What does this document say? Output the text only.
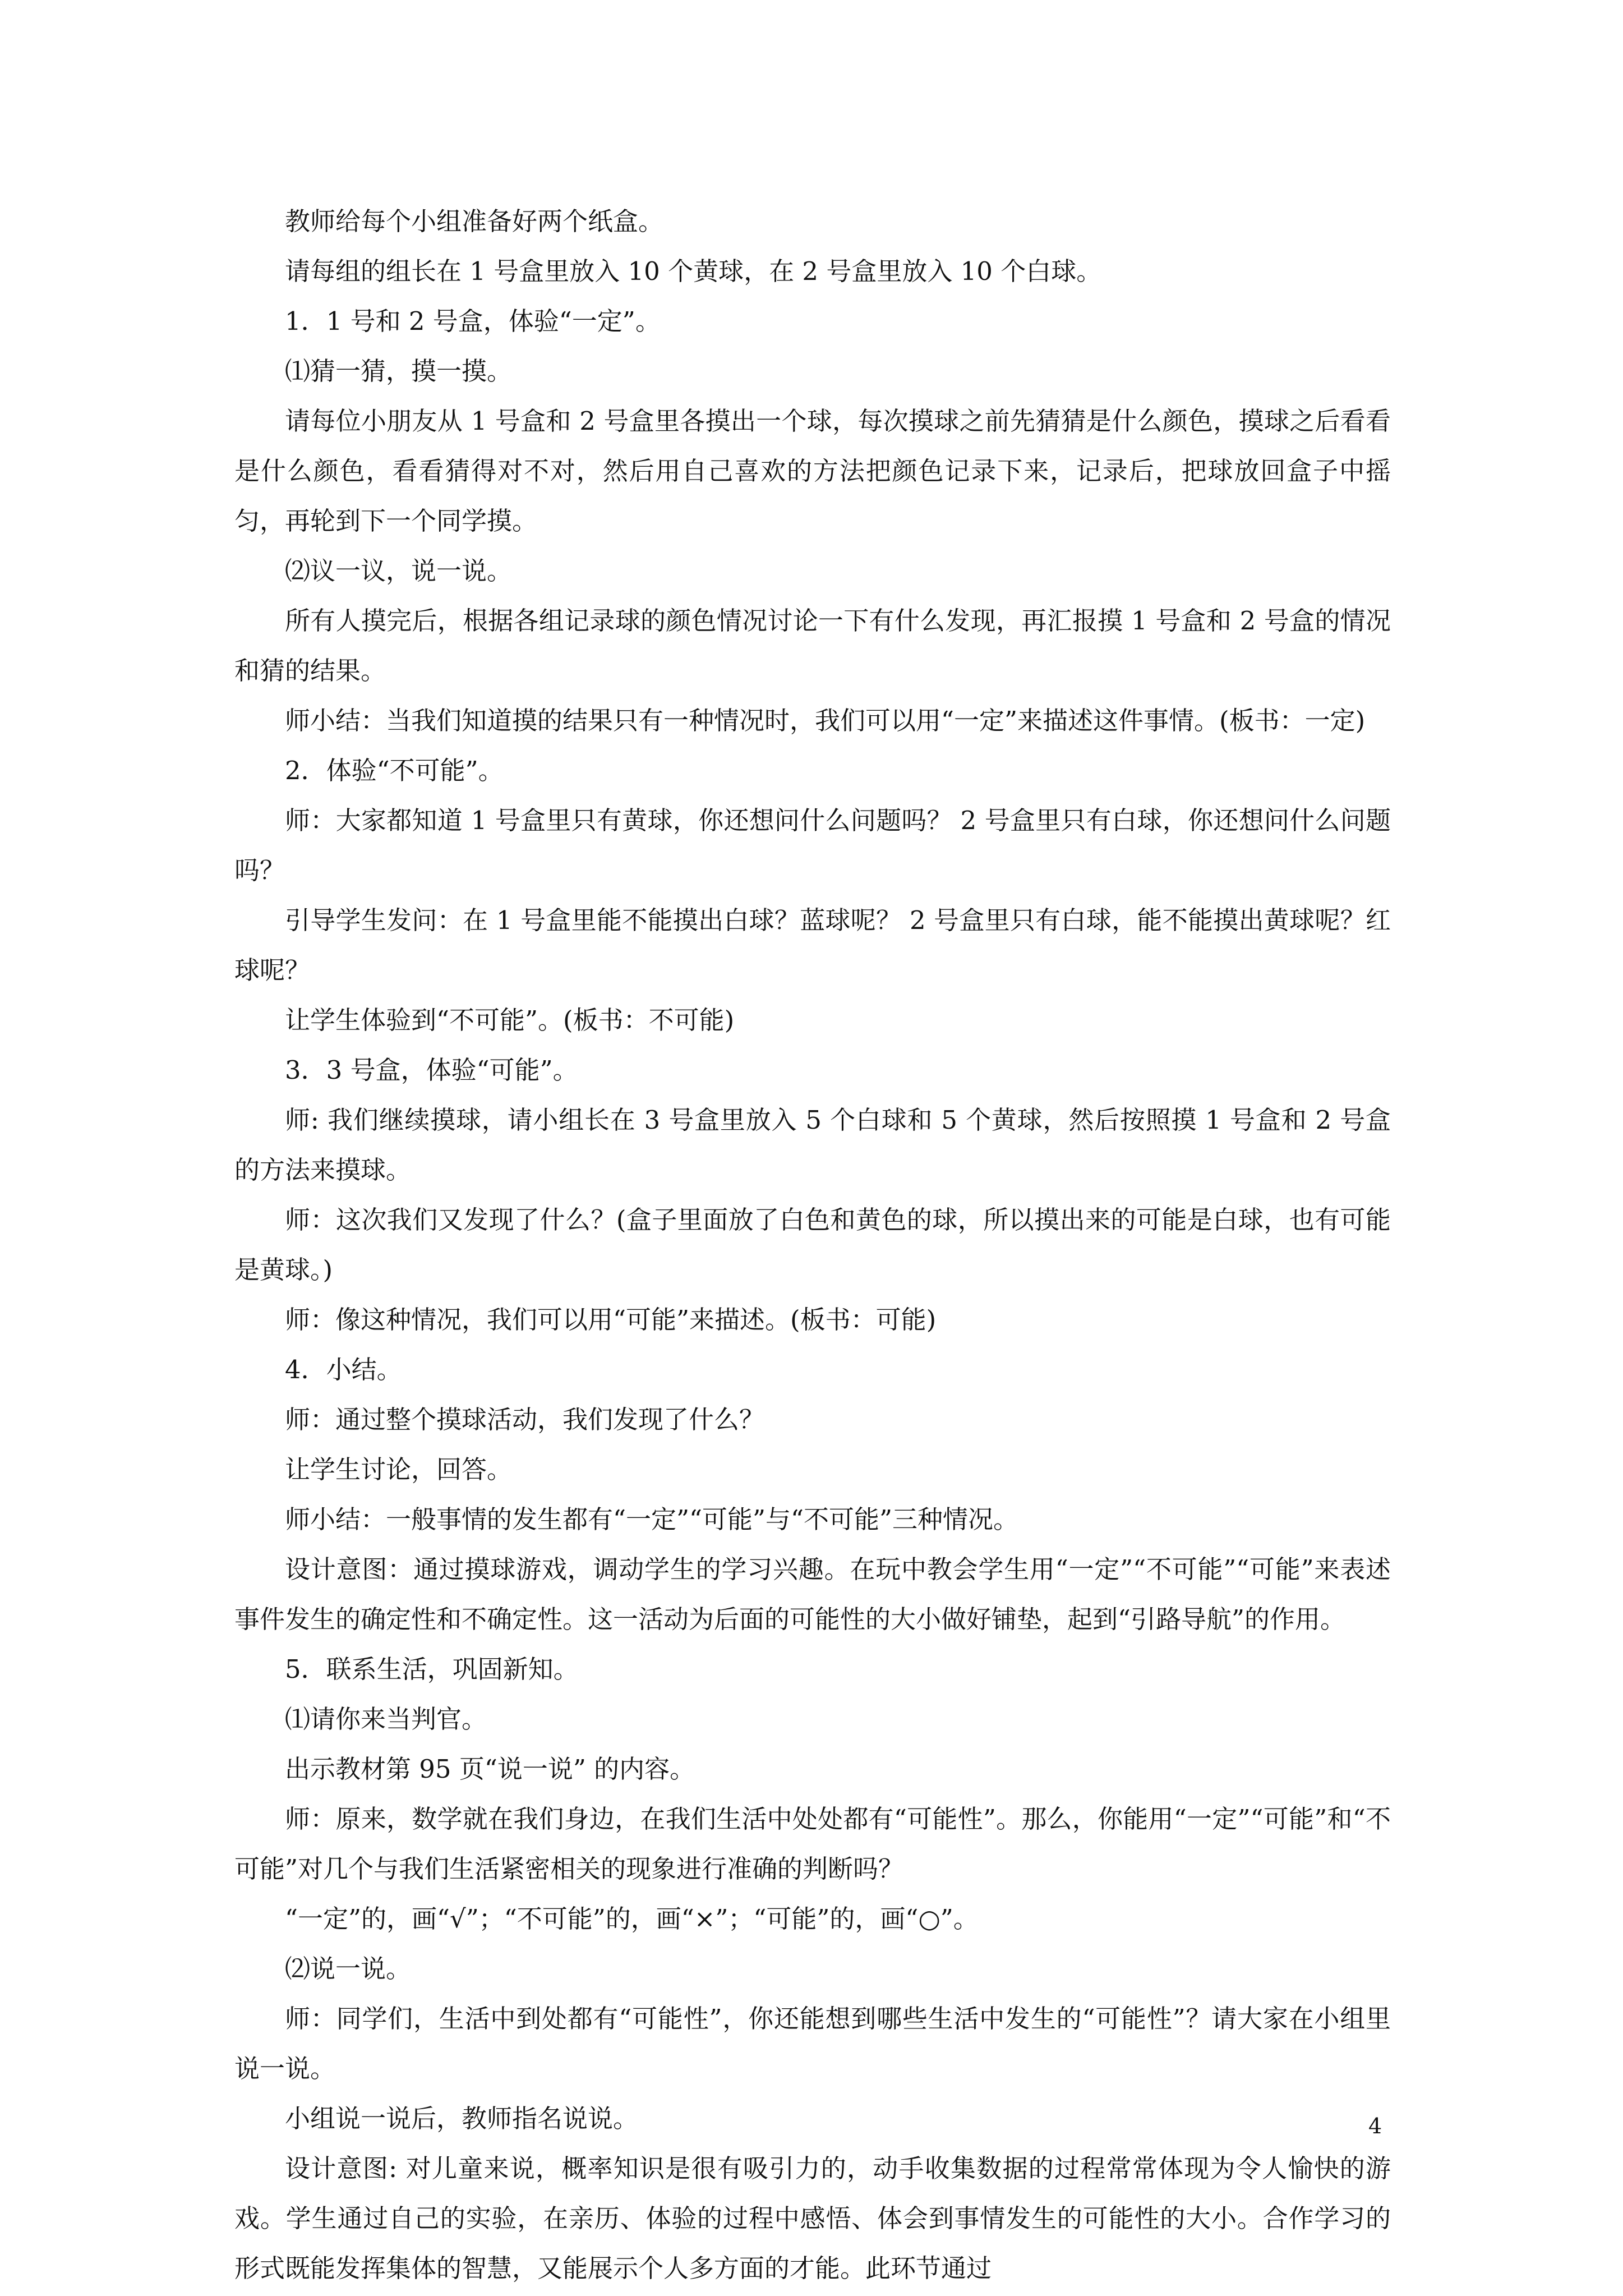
教师给每个小组准备好两个纸盒。

请每组的组长在 1 号盒里放入 10 个黄球，在 2 号盒里放入 10 个白球。

1．1 号和 2 号盒，体验“一定”。

⑴猜一猜，摸一摸。

请每位小朋友从 1 号盒和 2 号盒里各摸出一个球，每次摸球之前先猜猜是什么颜色，摸球之后看看是什么颜色，看看猜得对不对，然后用自己喜欢的方法把颜色记录下来，记录后，把球放回盒子中摇匀，再轮到下一个同学摸。

⑵议一议，说一说。

所有人摸完后，根据各组记录球的颜色情况讨论一下有什么发现，再汇报摸 1 号盒和 2 号盒的情况和猜的结果。

师小结：当我们知道摸的结果只有一种情况时，我们可以用“一定”来描述这件事情。(板书：一定)

2．体验“不可能”。

师：大家都知道 1 号盒里只有黄球，你还想问什么问题吗？ 2 号盒里只有白球，你还想问什么问题吗？

引导学生发问：在 1 号盒里能不能摸出白球？蓝球呢？ 2 号盒里只有白球，能不能摸出黄球呢？红球呢？

让学生体验到“不可能”。(板书：不可能)

3．3 号盒，体验“可能”。

师: 我们继续摸球，请小组长在 3 号盒里放入 5 个白球和 5 个黄球，然后按照摸 1 号盒和 2 号盒的方法来摸球。

师：这次我们又发现了什么？(盒子里面放了白色和黄色的球，所以摸出来的可能是白球，也有可能是黄球。)

师：像这种情况，我们可以用“可能”来描述。(板书：可能)

4．小结。

师：通过整个摸球活动，我们发现了什么？

让学生讨论，回答。

师小结：一般事情的发生都有“一定”“可能”与“不可能”三种情况。

设计意图：通过摸球游戏，调动学生的学习兴趣。在玩中教会学生用“一定”“不可能”“可能”来表述事件发生的确定性和不确定性。这一活动为后面的可能性的大小做好铺垫，起到“引路导航”的作用。

5．联系生活，巩固新知。

⑴请你来当判官。

出示教材第 95 页“说一说” 的内容。

师：原来，数学就在我们身边，在我们生活中处处都有“可能性”。那么，你能用“一定”“可能”和“不可能”对几个与我们生活紧密相关的现象进行准确的判断吗？

“一定”的，画“√”；“不可能”的，画“×”；“可能”的，画“○”。

⑵说一说。

师：同学们，生活中到处都有“可能性”，你还能想到哪些生活中发生的“可能性”？请大家在小组里说一说。

小组说一说后，教师指名说说。

设计意图: 对儿童来说，概率知识是很有吸引力的，动手收集数据的过程常常体现为令人愉快的游戏。学生通过自己的实验，在亲历、体验的过程中感悟、体会到事情发生的可能性的大小。合作学习的形式既能发挥集体的智慧，又能展示个人多方面的才能。此环节通过

4
